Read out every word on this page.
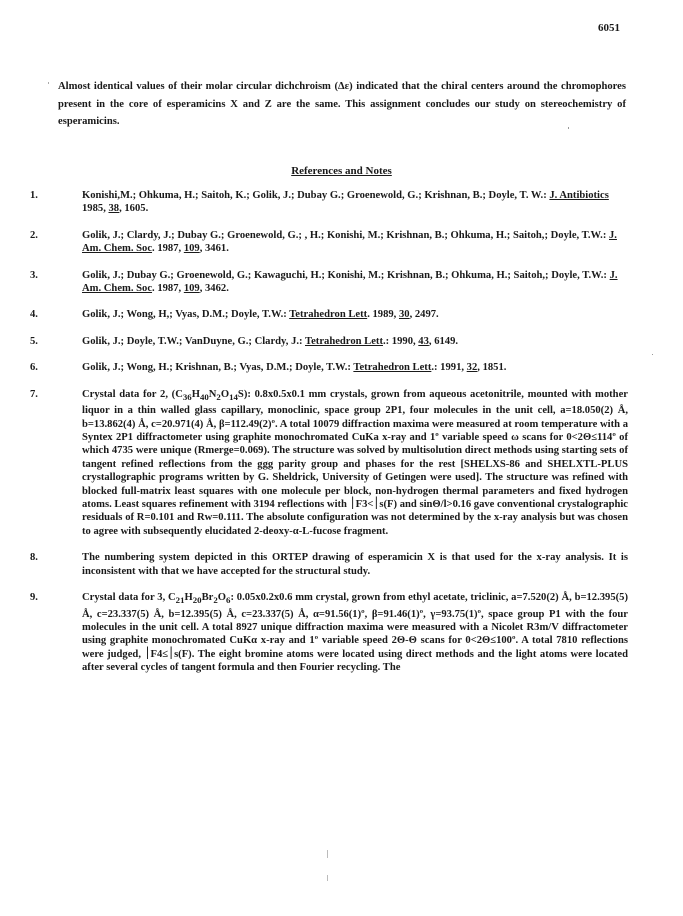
6051

Almost identical values of their molar circular dichchroism (Δε) indicated that the chiral centers around the chromophores present in the core of esperamicins X and Z are the same. This assignment concludes our study on stereochemistry of esperamicins.

References and Notes
1.	Konishi,M.; Ohkuma, H.; Saitoh, K.; Golik, J.; Dubay G.; Groenewold, G.; Krishnan, B.; Doyle, T. W.: J. Antibiotics 1985, 38, 1605.
2.	Golik, J.; Clardy, J.; Dubay G.; Groenewold, G.; , H.; Konishi, M.; Krishnan, B.; Ohkuma, H.; Saitoh,; Doyle, T.W.: J. Am. Chem. Soc. 1987, 109, 3461.
3.	Golik, J.; Dubay G.; Groenewold, G.; Kawaguchi, H.; Konishi, M.; Krishnan, B.; Ohkuma, H.; Saitoh,; Doyle, T.W.: J. Am. Chem. Soc. 1987, 109, 3462.
4.	Golik, J.; Wong, H,; Vyas, D.M.; Doyle, T.W.: Tetrahedron Lett. 1989, 30, 2497.
5.	Golik, J.; Doyle, T.W.; VanDuyne, G.; Clardy, J.: Tetrahedron Lett.: 1990, 43, 6149.
6.	Golik, J.; Wong, H.; Krishnan, B.; Vyas, D.M.; Doyle, T.W.: Tetrahedron Lett.: 1991, 32, 1851.
7.	Crystal data for 2, $(C_{36}H_{40}N_2O_{14}S)$: 0.8x0.5x0.1 mm crystals, grown from aqueous acetonitrile, mounted with mother liquor in a thin walled glass capillary, monoclinic, space group 2P1, four molecules in the unit cell, a=18.050(2) Å, b=13.862(4) Å, c=20.971(4) Å, β=112.49(2)º. A total 10079 diffraction maxima were measured at room temperature with a Syntex 2P1 diffractometer using graphite monochromated CuKa x-ray and 1º variable speed ω scans for 0<2Θ≤114º of which 4735 were unique (Rmerge=0.069). The structure was solved by multisolution direct methods using starting sets of tangent refined reflections from the ggg parity group and phases for the rest [SHELXS-86 and SHELXTL-PLUS crystallographic programs written by G. Sheldrick, University of Getingen were used]. The structure was refined with blocked full-matrix least squares with one molecule per block, non-hydrogen thermal parameters and fixed hydrogen atoms. Least squares refinement with 3194 reflections with ׀F׀>3s(F) and sinΘ/l>0.16 gave conventional crystalographic residuals of R=0.101 and Rw=0.111. The absolute configuration was not determined by the x-ray analysis but was chosen to agree with subsequently elucidated 2-deoxy-α-L-fucose fragment.
8.	The numbering system depicted in this ORTEP drawing of esperamicin X is that used for the x-ray analysis. It is inconsistent with that we have accepted for the structural study.
9.	Crystal data for 3, $C_{21}H_{20}Br_2O_6$: 0.05x0.2x0.6 mm crystal, grown from ethyl acetate, triclinic, a=7.520(2) Å, b=12.395(5) Å, c=23.337(5) Å, b=12.395(5) Å, c=23.337(5) Å, α=91.56(1)º, β=91.46(1)º, γ=93.75(1)º, space group P1 with the four molecules in the unit cell. A total 8927 unique diffraction maxima were measured with a Nicolet R3m/V diffractometer using graphite monochromated CuKα x-ray and 1º variable speed 2Θ-Θ scans for 0<2Θ≤100º. A total 7810 reflections were judged, ׀F׀≥4s(F). The eight bromine atoms were located using direct methods and the light atoms were located after several cycles of tangent formula and then Fourier recycling. The
